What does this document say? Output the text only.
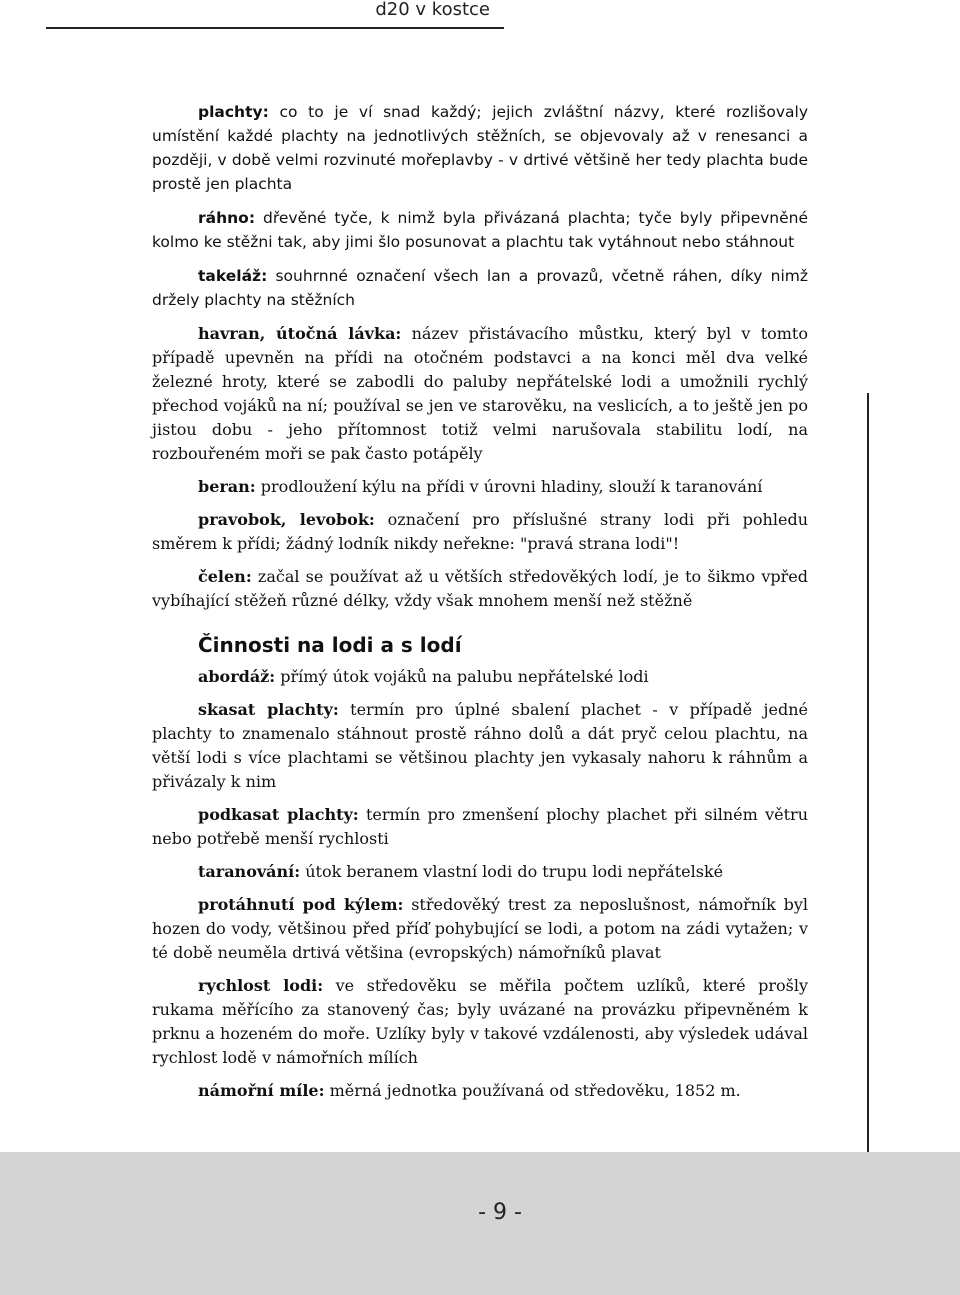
d20 v kostce

plachty: co to je ví snad každý; jejich zvláštní názvy, které rozlišovaly umístění každé plachty na jednotlivých stěžních, se objevovaly až v renesanci a později, v době velmi rozvinuté mořeplavby - v drtivé většině her tedy plachta bude prostě jen plachta

ráhno: dřevěné tyče, k nimž byla přivázaná plachta; tyče byly připevněné kolmo ke stěžni tak, aby jimi šlo posunovat a plachtu tak vytáhnout nebo stáhnout

takeláž: souhrnné označení všech lan a provazů, včetně ráhen, díky nimž držely plachty na stěžních

havran, útočná lávka: název přistávacího můstku, který byl v tomto případě upevněn na přídi na otočném podstavci a na konci měl dva velké železné hroty, které se zabodli do paluby nepřátelské lodi a umožnili rychlý přechod vojáků na ní; používal se jen ve starověku, na veslicích, a to ještě jen po jistou dobu - jeho přítomnost totiž velmi narušovala stabilitu lodí, na rozbouřeném moři se pak často potápěly

beran: prodloužení kýlu na přídi v úrovni hladiny, slouží k taranování

pravobok, levobok: označení pro příslušné strany lodi při pohledu směrem k přídi; žádný lodník nikdy neřekne: "pravá strana lodi"!

čelen: začal se používat až u větších středověkých lodí, je to šikmo vpřed vybíhající stěžeň různé délky, vždy však mnohem menší než stěžně

Činnosti na lodi a s lodí

abordáž: přímý útok vojáků na palubu nepřátelské lodi

skasat plachty: termín pro úplné sbalení plachet - v případě jedné plachty to znamenalo stáhnout prostě ráhno dolů a dát pryč celou plachtu, na větší lodi s více plachtami se většinou plachty jen vykasaly nahoru k ráhnům a přivázaly k nim

podkasat plachty: termín pro zmenšení plochy plachet při silném větru nebo potřebě menší rychlosti

taranování: útok beranem vlastní lodi do trupu lodi nepřátelské

protáhnutí pod kýlem: středověký trest za neposlušnost, námořník byl hozen do vody, většinou před příď pohybující se lodi, a potom na zádi vytažen; v té době neuměla drtivá většina (evropských) námořníků plavat

rychlost lodi: ve středověku se měřila počtem uzlíků, které prošly rukama měřícího za stanovený čas; byly uvázané na provázku připevněném k prknu a hozeném do moře. Uzlíky byly v takové vzdálenosti, aby výsledek udával rychlost lodě v námořních mílích

námořní míle: měrná jednotka používaná od středověku, 1852 m.

- 9 -
